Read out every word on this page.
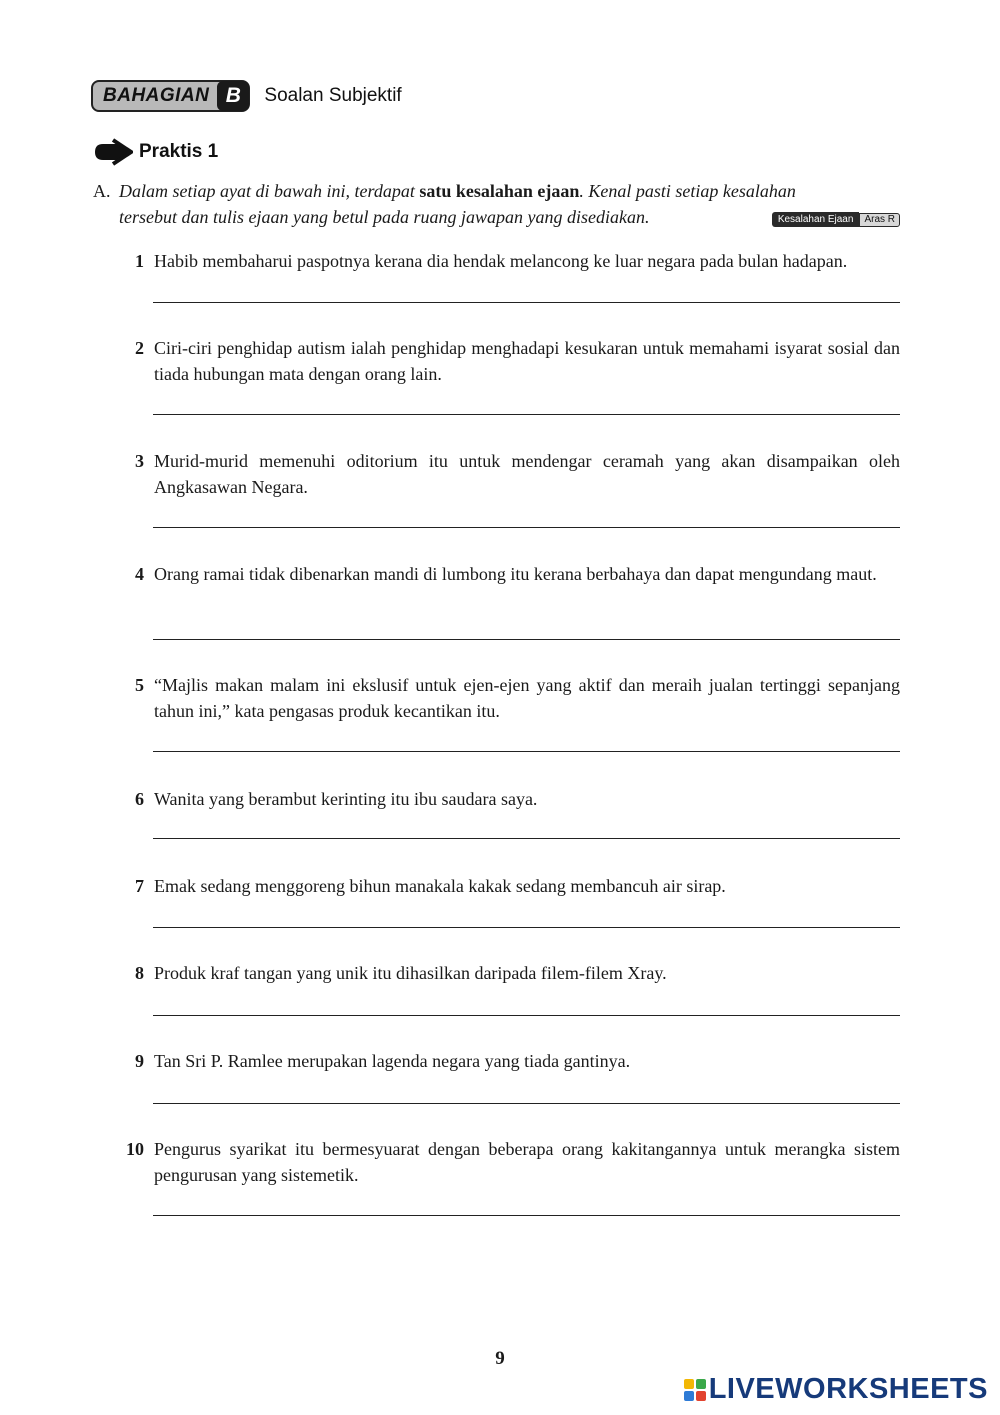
BAHAGIAN B	Soalan Subjektif
Praktis 1
A. Dalam setiap ayat di bawah ini, terdapat satu kesalahan ejaan. Kenal pasti setiap kesalahan
tersebut dan tulis ejaan yang betul pada ruang jawapan yang disediakan.	Kesalahan Ejaan	Aras R
1 Habib membaharui paspotnya kerana dia hendak melancong ke luar negara pada bulan hadapan.
2 Ciri-ciri penghidap autism ialah penghidap menghadapi kesukaran untuk memahami isyarat sosial dan tiada hubungan mata dengan orang lain.
3 Murid-murid memenuhi oditorium itu untuk mendengar ceramah yang akan disampaikan oleh Angkasawan Negara.
4 Orang ramai tidak dibenarkan mandi di lumbong itu kerana berbahaya dan dapat mengundang maut.
5 “Majlis makan malam ini ekslusif untuk ejen-ejen yang aktif dan meraih jualan tertinggi sepanjang tahun ini,” kata pengasas produk kecantikan itu.
6 Wanita yang berambut kerinting itu ibu saudara saya.
7 Emak sedang menggoreng bihun manakala kakak sedang membancuh air sirap.
8 Produk kraf tangan yang unik itu dihasilkan daripada filem-filem Xray.
9 Tan Sri P. Ramlee merupakan lagenda negara yang tiada gantinya.
10 Pengurus syarikat itu bermesyuarat dengan beberapa orang kakitangannya untuk merangka sistem pengurusan yang sistemetik.
9
LIVEWORKSHEETS
